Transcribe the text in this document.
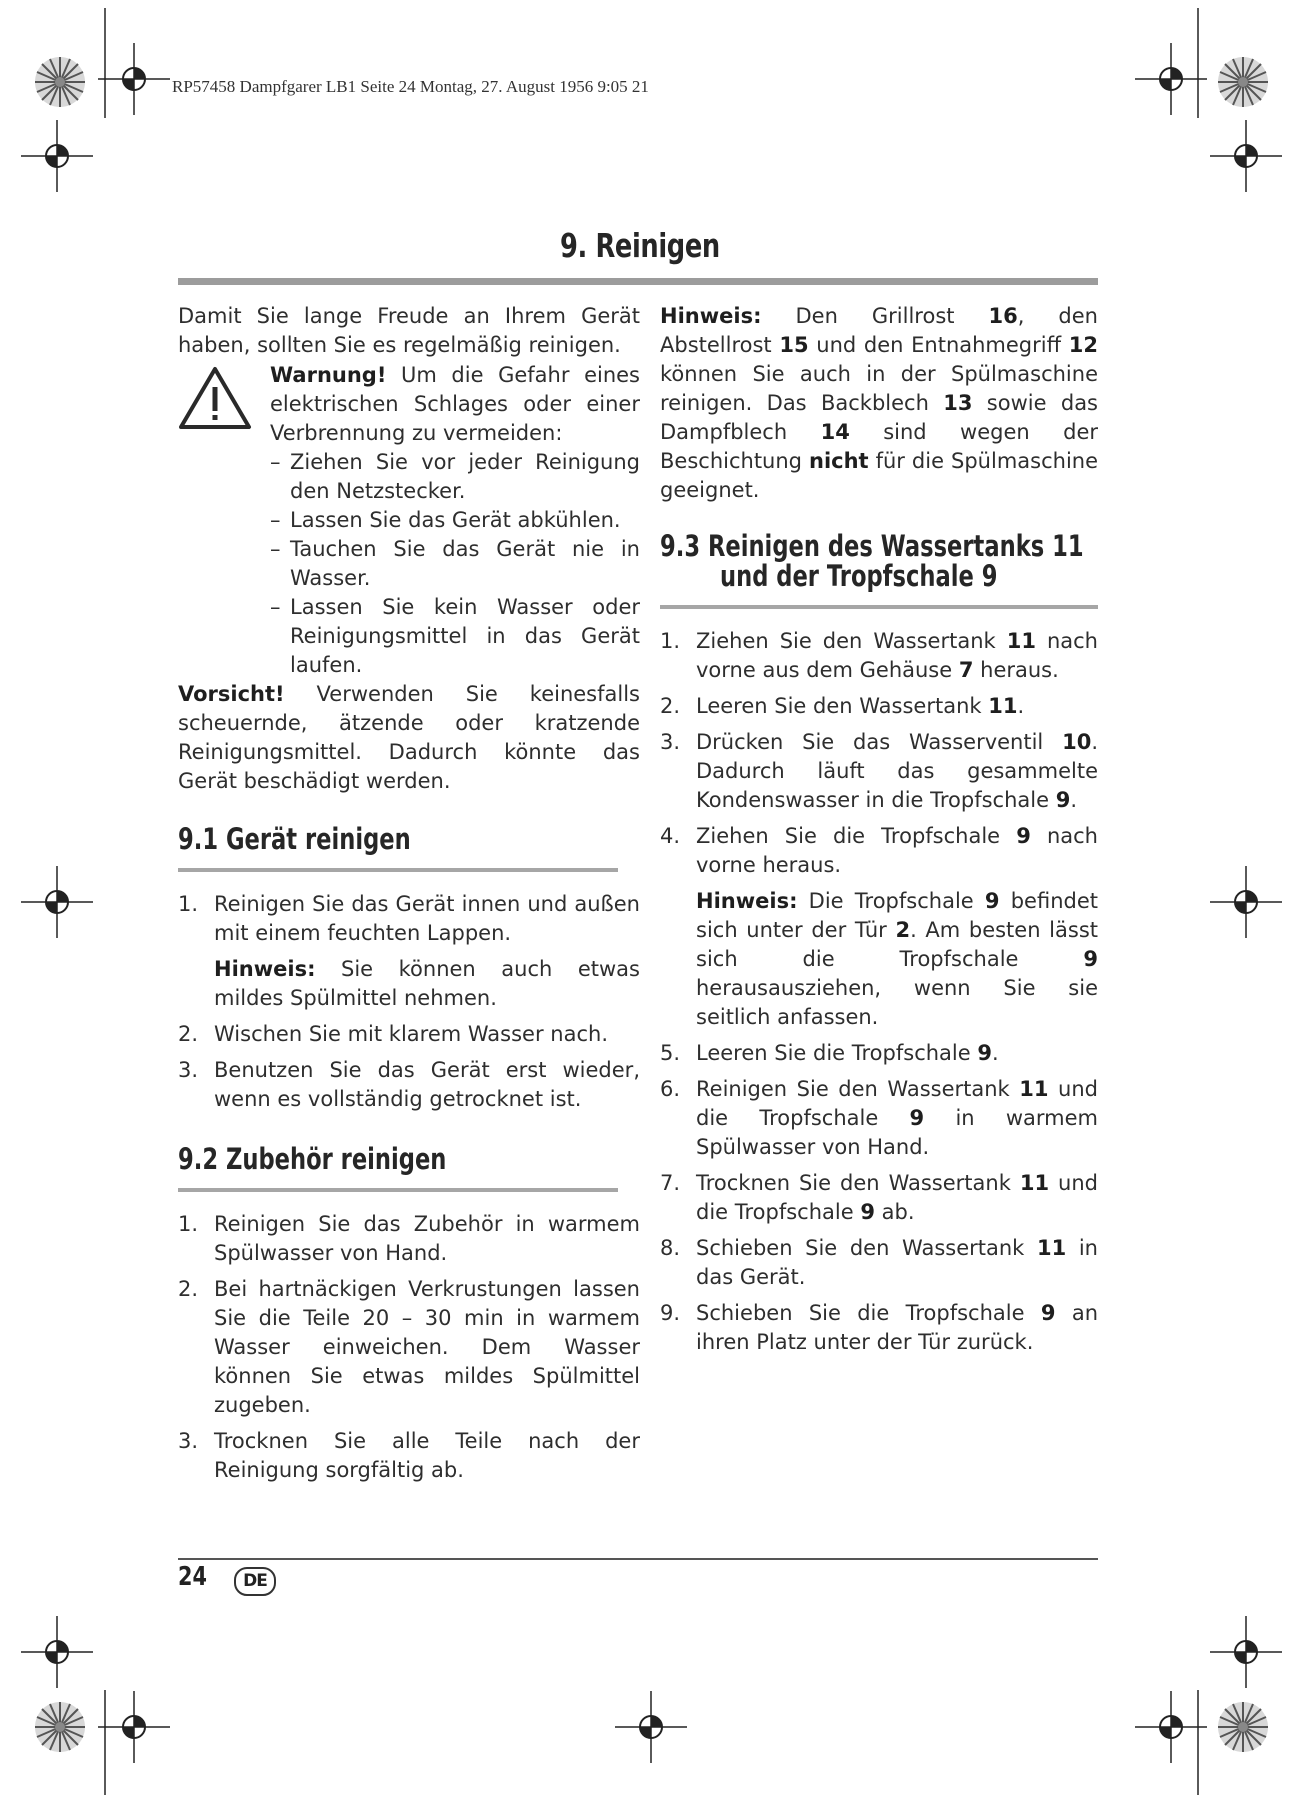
RP57458 Dampfgarer LB1 Seite 24 Montag, 27. August 1956 9:05 21
9. Reinigen

Damit Sie lange Freude an Ihrem Gerät haben, sollten Sie es regelmäßig reinigen.

Warnung! Um die Gefahr eines elektrischen Schlages oder einer Verbrennung zu vermeiden:

– Ziehen Sie vor jeder Reinigung den Netzstecker.
– Lassen Sie das Gerät abkühlen.
– Tauchen Sie das Gerät nie in Wasser.
– Lassen Sie kein Wasser oder Reinigungsmittel in das Gerät laufen.

Vorsicht! Verwenden Sie keinesfalls scheuernde, ätzende oder kratzende Reinigungsmittel. Dadurch könnte das Gerät beschädigt werden.

9.1 Gerät reinigen
1. Reinigen Sie das Gerät innen und außen mit einem feuchten Lappen.
Hinweis: Sie können auch etwas mildes Spülmittel nehmen.
2. Wischen Sie mit klarem Wasser nach.
3. Benutzen Sie das Gerät erst wieder, wenn es vollständig getrocknet ist.
9.2 Zubehör reinigen
1. Reinigen Sie das Zubehör in warmem Spülwasser von Hand.
2. Bei hartnäckigen Verkrustungen lassen Sie die Teile 20 – 30 min in warmem Wasser einweichen. Dem Wasser können Sie etwas mildes Spülmittel zugeben.
3. Trocknen Sie alle Teile nach der Reinigung sorgfältig ab.

Hinweis: Den Grillrost 16, den Abstellrost 15 und den Entnahmegriff 12 können Sie auch in der Spülmaschine reinigen. Das Backblech 13 sowie das Dampfblech 14 sind wegen der Beschichtung nicht für die Spülmaschine geeignet.

9.3 Reinigen des Wassertanks 11
und der Tropfschale 9
1. Ziehen Sie den Wassertank 11 nach vorne aus dem Gehäuse 7 heraus.
2. Leeren Sie den Wassertank 11.
3. Drücken Sie das Wasserventil 10. Dadurch läuft das gesammelte Kondenswasser in die Tropfschale 9.
4. Ziehen Sie die Tropfschale 9 nach vorne heraus.
Hinweis: Die Tropfschale 9 befindet sich unter der Tür 2. Am besten lässt sich die Tropfschale 9 herausausziehen, wenn Sie sie seitlich anfassen.
5. Leeren Sie die Tropfschale 9.
6. Reinigen Sie den Wassertank 11 und die Tropfschale 9 in warmem Spülwasser von Hand.
7. Trocknen Sie den Wassertank 11 und die Tropfschale 9 ab.
8. Schieben Sie den Wassertank 11 in das Gerät.
9. Schieben Sie die Tropfschale 9 an ihren Platz unter der Tür zurück.
24	DE
